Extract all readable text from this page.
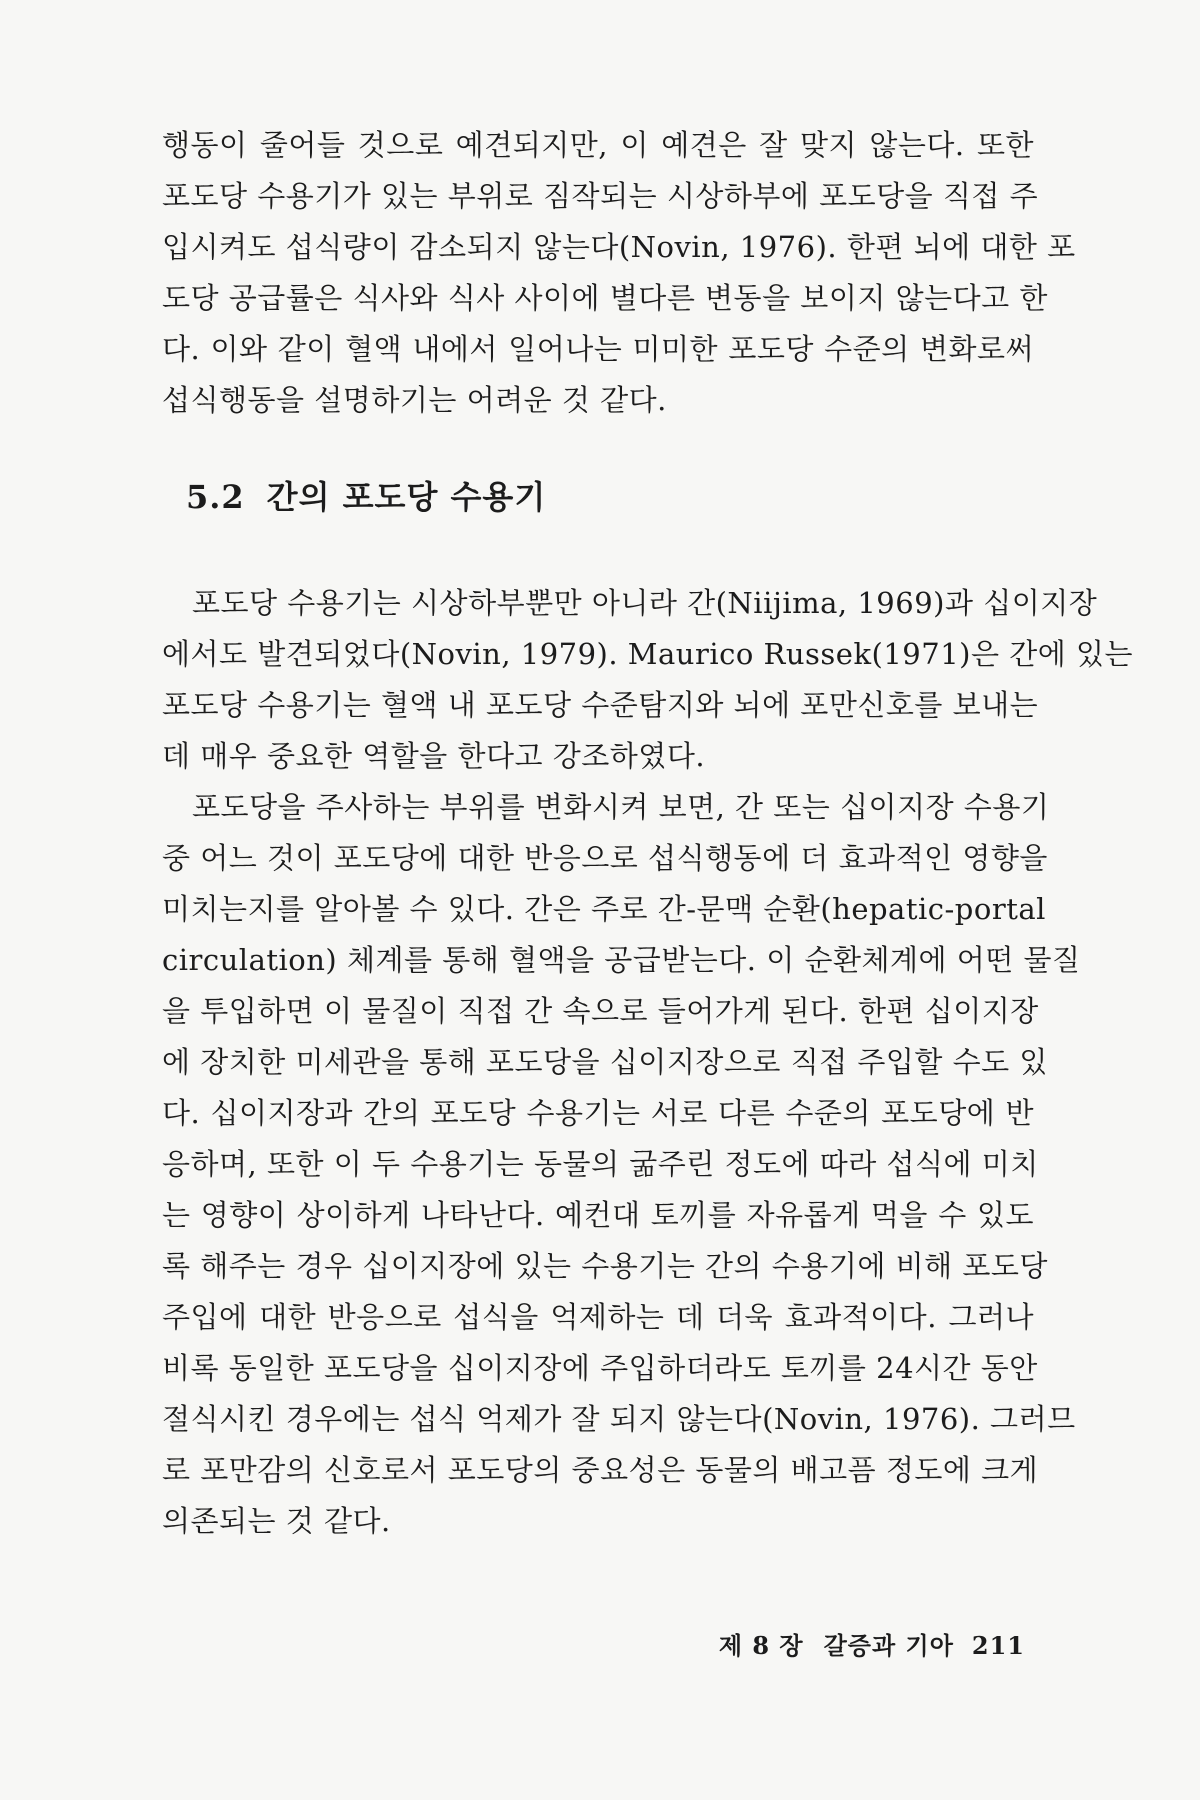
행동이 줄어들 것으로 예견되지만, 이 예견은 잘 맞지 않는다. 또한
포도당 수용기가 있는 부위로 짐작되는 시상하부에 포도당을 직접 주
입시켜도 섭식량이 감소되지 않는다(Novin, 1976). 한편 뇌에 대한 포
도당 공급률은 식사와 식사 사이에 별다른 변동을 보이지 않는다고 한
다. 이와 같이 혈액 내에서 일어나는 미미한 포도당 수준의 변화로써
섭식행동을 설명하기는 어려운 것 같다.
5.2 간의 포도당 수용기
포도당 수용기는 시상하부뿐만 아니라 간(Niijima, 1969)과 십이지장
에서도 발견되었다(Novin, 1979). Maurico Russek(1971)은 간에 있는
포도당 수용기는 혈액 내 포도당 수준탐지와 뇌에 포만신호를 보내는
데 매우 중요한 역할을 한다고 강조하였다.
포도당을 주사하는 부위를 변화시켜 보면, 간 또는 십이지장 수용기
중 어느 것이 포도당에 대한 반응으로 섭식행동에 더 효과적인 영향을
미치는지를 알아볼 수 있다. 간은 주로 간-문맥 순환(hepatic-portal
circulation) 체계를 통해 혈액을 공급받는다. 이 순환체계에 어떤 물질
을 투입하면 이 물질이 직접 간 속으로 들어가게 된다. 한편 십이지장
에 장치한 미세관을 통해 포도당을 십이지장으로 직접 주입할 수도 있
다. 십이지장과 간의 포도당 수용기는 서로 다른 수준의 포도당에 반
응하며, 또한 이 두 수용기는 동물의 굶주린 정도에 따라 섭식에 미치
는 영향이 상이하게 나타난다. 예컨대 토끼를 자유롭게 먹을 수 있도
록 해주는 경우 십이지장에 있는 수용기는 간의 수용기에 비해 포도당
주입에 대한 반응으로 섭식을 억제하는 데 더욱 효과적이다. 그러나
비록 동일한 포도당을 십이지장에 주입하더라도 토끼를 24시간 동안
절식시킨 경우에는 섭식 억제가 잘 되지 않는다(Novin, 1976). 그러므
로 포만감의 신호로서 포도당의 중요성은 동물의 배고픔 정도에 크게
의존되는 것 같다.
제 8 장 갈증과 기아 211
